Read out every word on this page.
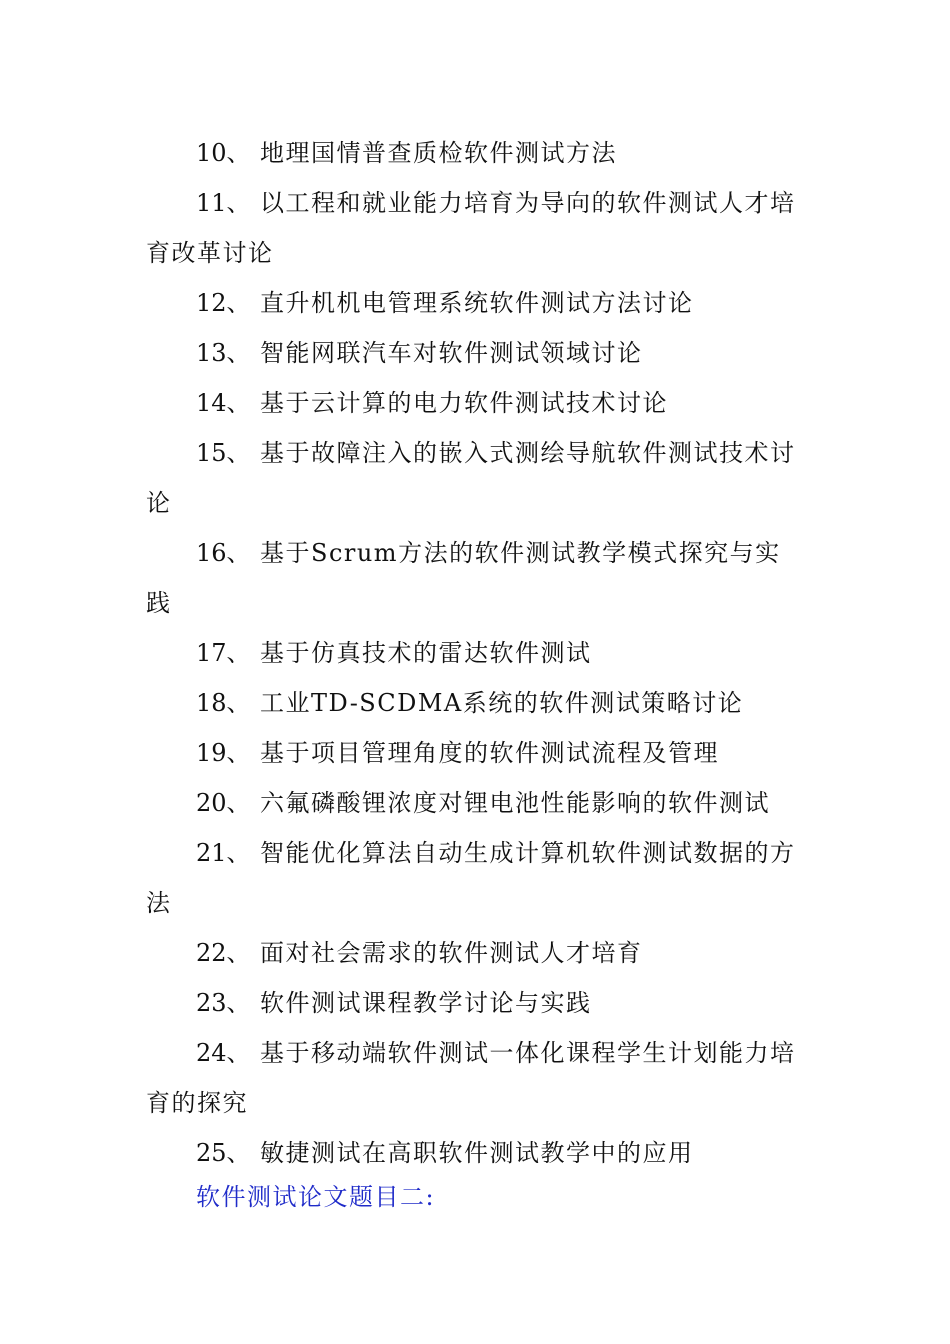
10、 地理国情普查质检软件测试方法

11、 以工程和就业能力培育为导向的软件测试人才培育改革讨论

12、 直升机机电管理系统软件测试方法讨论

13、 智能网联汽车对软件测试领域讨论

14、 基于云计算的电力软件测试技术讨论

15、 基于故障注入的嵌入式测绘导航软件测试技术讨论

16、 基于Scrum方法的软件测试教学模式探究与实践

17、 基于仿真技术的雷达软件测试

18、 工业TD-SCDMA系统的软件测试策略讨论

19、 基于项目管理角度的软件测试流程及管理

20、 六氟磷酸锂浓度对锂电池性能影响的软件测试

21、 智能优化算法自动生成计算机软件测试数据的方法

22、 面对社会需求的软件测试人才培育

23、 软件测试课程教学讨论与实践

24、 基于移动端软件测试一体化课程学生计划能力培育的探究

25、 敏捷测试在高职软件测试教学中的应用

软件测试论文题目二:
